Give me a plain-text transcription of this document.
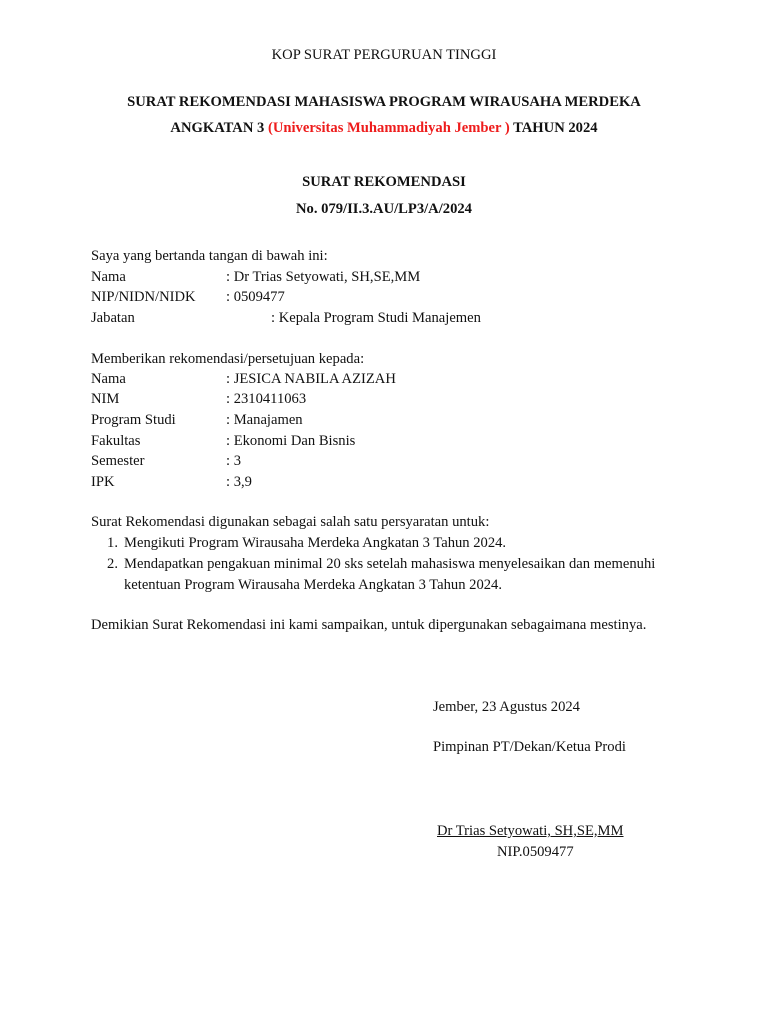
KOP SURAT PERGURUAN TINGGI
SURAT REKOMENDASI MAHASISWA PROGRAM WIRAUSAHA MERDEKA
ANGKATAN 3 (Universitas Muhammadiyah Jember ) TAHUN 2024
SURAT REKOMENDASI
No. 079/II.3.AU/LP3/A/2024
Saya yang bertanda tangan di bawah ini:
Nama	: Dr Trias Setyowati, SH,SE,MM
NIP/NIDN/NIDK : 0509477
Jabatan	: Kepala Program Studi Manajemen
Memberikan rekomendasi/persetujuan kepada:
Nama	: JESICA NABILA AZIZAH
NIM	: 2310411063
Program Studi	: Manajamen
Fakultas	: Ekonomi Dan Bisnis
Semester	: 3
IPK	: 3,9
Surat Rekomendasi digunakan sebagai salah satu persyaratan untuk:
1. Mengikuti Program Wirausaha Merdeka Angkatan 3 Tahun 2024.
2. Mendapatkan pengakuan minimal 20 sks setelah mahasiswa menyelesaikan dan memenuhi
ketentuan Program Wirausaha Merdeka Angkatan 3 Tahun 2024.
Demikian Surat Rekomendasi ini kami sampaikan, untuk dipergunakan sebagaimana mestinya.
Jember, 23 Agustus 2024
Pimpinan PT/Dekan/Ketua Prodi
Dr Trias Setyowati, SH,SE,MM
NIP.0509477
